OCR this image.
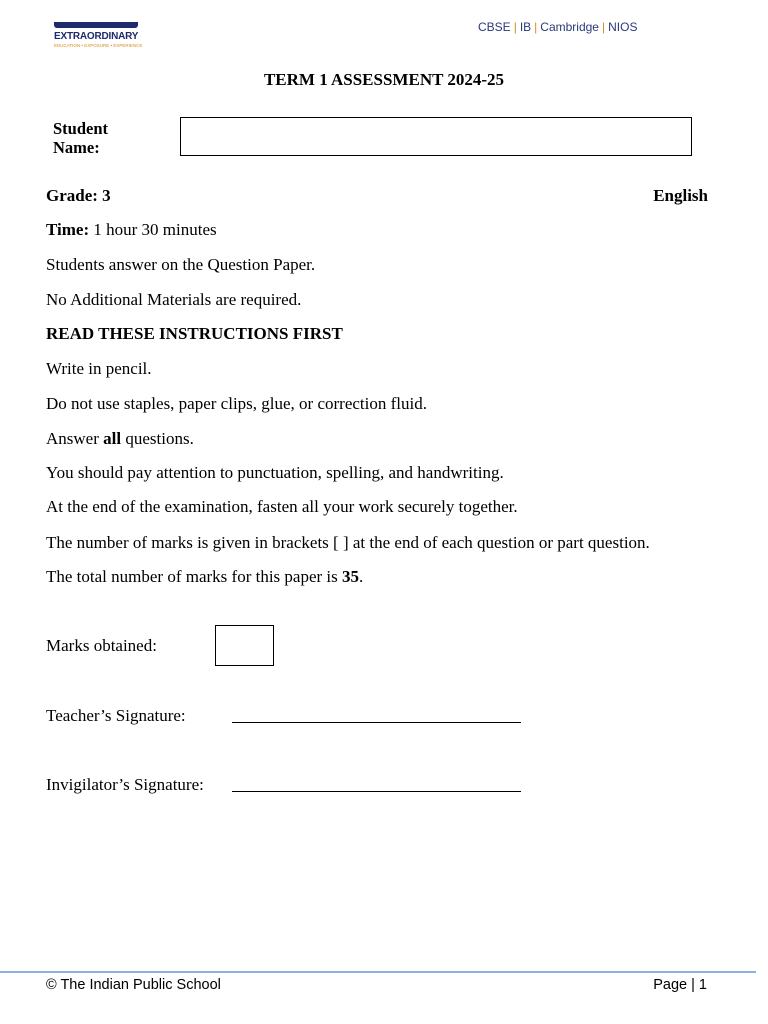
EXTRAORDINARY
EDUCATION • EXPOSURE • EXPERIENCE
CBSE | IB | Cambridge | NIOS
TERM 1 ASSESSMENT 2024-25
Student Name:
Grade: 3	English
Time: 1 hour 30 minutes
Students answer on the Question Paper.
No Additional Materials are required.
READ THESE INSTRUCTIONS FIRST
Write in pencil.
Do not use staples, paper clips, glue, or correction fluid.
Answer all questions.
You should pay attention to punctuation, spelling, and handwriting.
At the end of the examination, fasten all your work securely together.
The number of marks is given in brackets [ ] at the end of each question or part question.
The total number of marks for this paper is 35.
Marks obtained:
Teacher’s Signature:
Invigilator’s Signature:
© The Indian Public School	Page | 1
